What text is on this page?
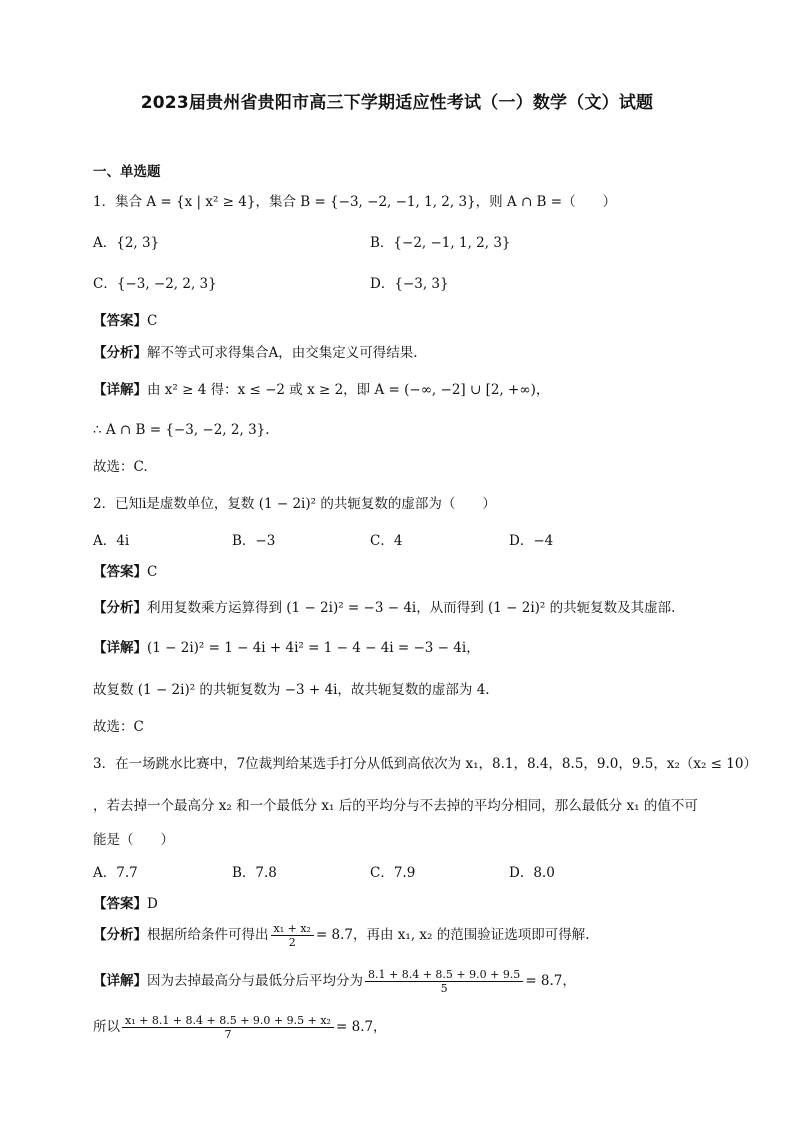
2023届贵州省贵阳市高三下学期适应性考试（一）数学（文）试题
一、单选题
1．集合 A = {x | x² ≥ 4}，集合 B = {−3, −2, −1, 1, 2, 3}，则 A ∩ B =（　　）
A．{2, 3}	B．{−2, −1, 1, 2, 3}
C．{−3, −2, 2, 3}	D．{−3, 3}
【答案】C
【分析】解不等式可求得集合A，由交集定义可得结果.
【详解】由 x² ≥ 4 得：x ≤ −2 或 x ≥ 2，即 A = (−∞, −2] ∪ [2, +∞)，
∴ A ∩ B = {−3, −2, 2, 3}.
故选：C.
2．已知i是虚数单位，复数 (1 − 2i)² 的共轭复数的虚部为（　　）
A．4i	B．−3	C．4	D．−4
【答案】C
【分析】利用复数乘方运算得到 (1 − 2i)² = −3 − 4i，从而得到 (1 − 2i)² 的共轭复数及其虚部.
【详解】(1 − 2i)² = 1 − 4i + 4i² = 1 − 4 − 4i = −3 − 4i，
故复数 (1 − 2i)² 的共轭复数为 −3 + 4i，故共轭复数的虚部为 4.
故选：C
3．在一场跳水比赛中，7位裁判给某选手打分从低到高依次为 x₁，8.1，8.4，8.5，9.0，9.5，x₂（x₂ ≤ 10）
，若去掉一个最高分 x₂ 和一个最低分 x₁ 后的平均分与不去掉的平均分相同，那么最低分 x₁ 的值不可
能是（　　）
A．7.7	B．7.8	C．7.9	D．8.0
【答案】D
【分析】根据所给条件可得出 $\frac{\text{x₁ + x₂}}{2} = 8.7$，再由 x₁, x₂ 的范围验证选项即可得解.
【详解】因为去掉最高分与最低分后平均分为 $\frac{8.1 + 8.4 + 8.5 + 9.0 + 9.5}{5} = 8.7$，
所以 $\frac{\text{x₁ + 8.1 + 8.4 + 8.5 + 9.0 + 9.5 + x₂}}{7} = 8.7$，
